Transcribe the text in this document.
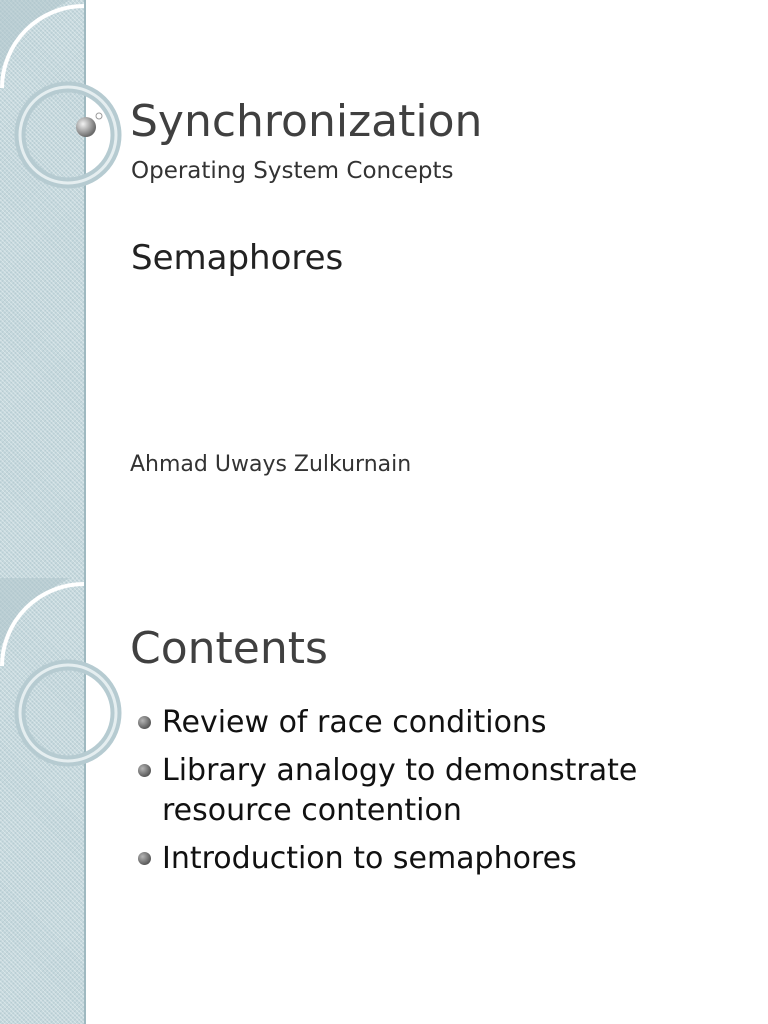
Synchronization

Operating System Concepts

Semaphores

Ahmad Uways Zulkurnain

Contents
Review of race conditions
Library analogy to demonstrate resource contention
Introduction to semaphores
